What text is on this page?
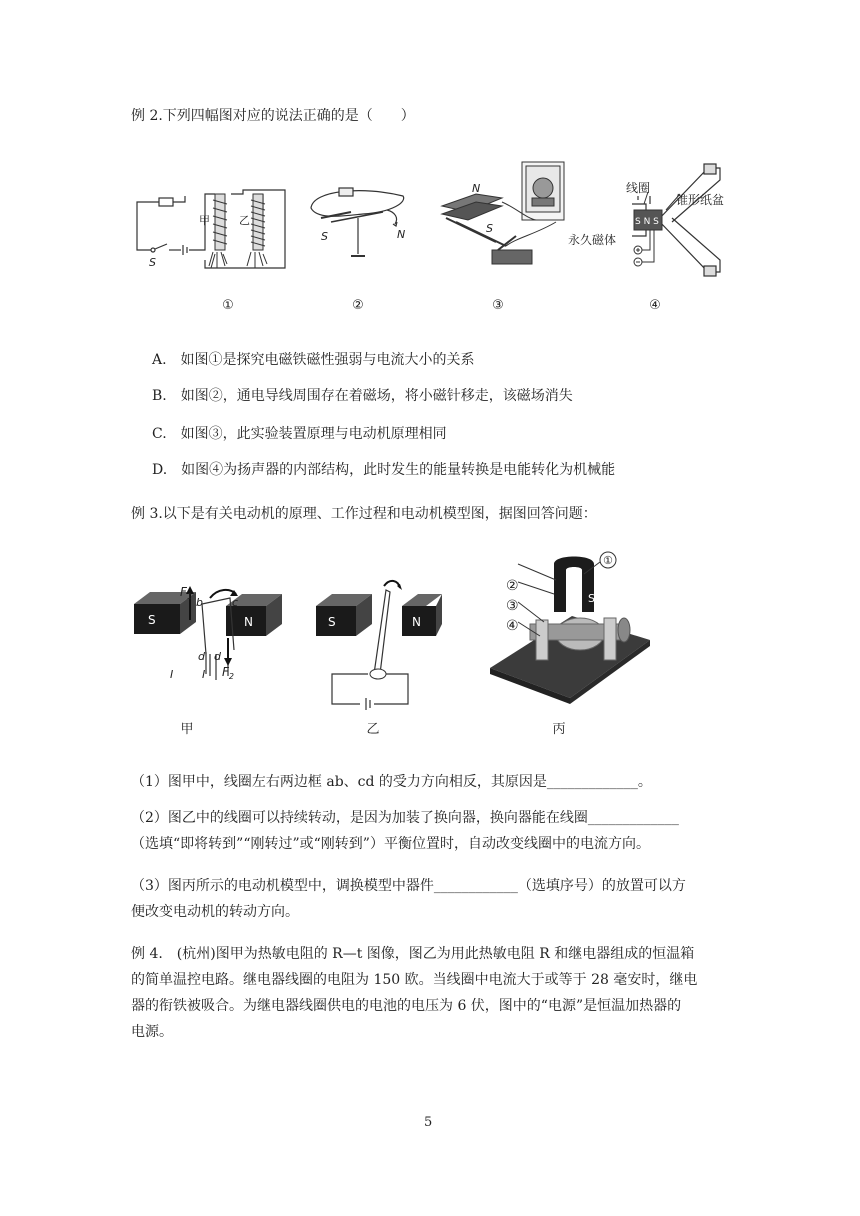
例 2.下列四幅图对应的说法正确的是（　　）
甲	乙
S
①
S	N
②
N
S
③
S N S
线圈
锥形纸盆
永久磁体
④
A.　如图①是探究电磁铁磁性强弱与电流大小的关系
B.　如图②，通电导线周围存在着磁场，将小磁针移走，该磁场消失
C.　如图③，此实验装置原理与电动机原理相同
D.　如图④为扬声器的内部结构，此时发生的能量转换是电能转化为机械能
例 3.以下是有关电动机的原理、工作过程和电动机模型图，据图回答问题：
S	N
$F_1$
$F_2$
b	c
d d
I
I
甲
S	N
乙
S
①
②
③
④
丙
（1）图甲中，线圈左右两边框 ab、cd 的受力方向相反，其原因是_____________。
（2）图乙中的线圈可以持续转动，是因为加装了换向器，换向器能在线圈_____________
（选填“即将转到”“刚转过”或“刚转到”）平衡位置时，自动改变线圈中的电流方向。
（3）图丙所示的电动机模型中，调换模型中器件____________（选填序号）的放置可以方
便改变电动机的转动方向。
例 4.　(杭州)图甲为热敏电阻的 R—t 图像，图乙为用此热敏电阻 R 和继电器组成的恒温箱
的简单温控电路。继电器线圈的电阻为 150 欧。当线圈中电流大于或等于 28 毫安时，继电
器的衔铁被吸合。为继电器线圈供电的电池的电压为 6 伏，图中的“电源”是恒温加热器的
电源。
5
